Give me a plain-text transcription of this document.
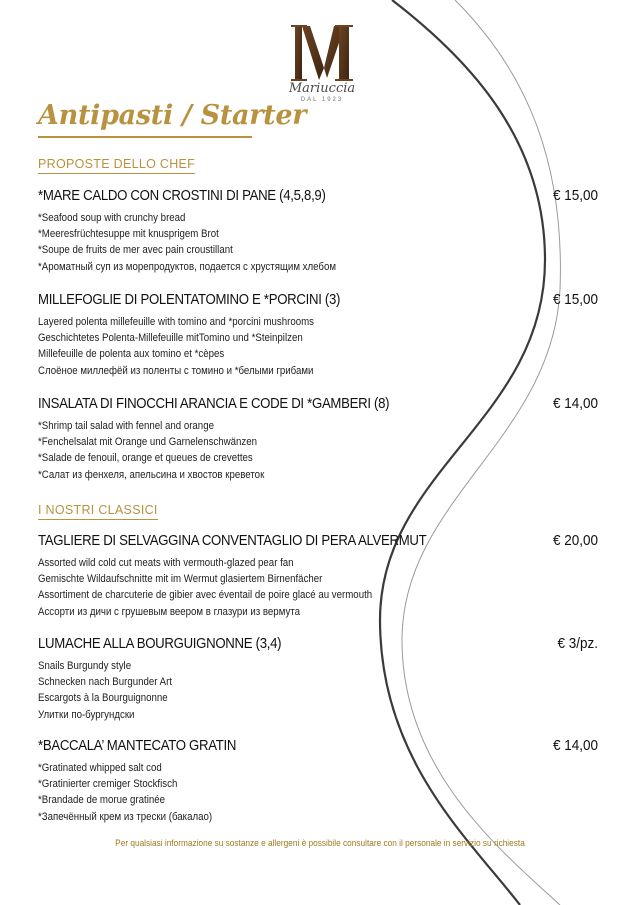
Mariuccia
DAL 1923
Antipasti / Starter
PROPOSTE DELLO CHEF
I NOSTRI CLASSICI
*MARE CALDO CON CROSTINI DI PANE (4,5,8,9)	€ 15,00
*Seafood soup with crunchy bread
*Meeresfrüchtesuppe mit knusprigem Brot
*Soupe de fruits de mer avec pain croustillant
*Ароматный суп из морепродуктов, подается с хрустящим хлебом
MILLEFOGLIE DI POLENTATOMINO E *PORCINI (3)	€ 15,00
Layered polenta millefeuille with tomino and *porcini mushrooms
Geschichtetes Polenta-Millefeuille mitTomino und *Steinpilzen
Millefeuille de polenta aux tomino et *cèpes
Слоёное миллефёй из поленты с томино и *белыми грибами
INSALATA DI FINOCCHI ARANCIA E CODE DI *GAMBERI (8)	€ 14,00
*Shrimp tail salad with fennel and orange
*Fenchelsalat mit Orange und Garnelenschwänzen
*Salade de fenouil, orange et queues de crevettes
*Салат из фенхеля, апельсина и хвостов креветок
TAGLIERE DI SELVAGGINA CONVENTAGLIO DI PERA ALVERMUT	€ 20,00
Assorted wild cold cut meats with vermouth-glazed pear fan
Gemischte Wildaufschnitte mit im Wermut glasiertem Birnenfächer
Assortiment de charcuterie de gibier avec éventail de poire glacé au vermouth
Ассорти из дичи с грушевым веером в глазури из вермута
LUMACHE ALLA BOURGUIGNONNE (3,4)	€ 3/pz.
Snails Burgundy style
Schnecken nach Burgunder Art
Escargots à la Bourguignonne
Улитки по-бургундски
*BACCALA’ MANTECATO GRATIN	€ 14,00
*Gratinated whipped salt cod
*Gratinierter cremiger Stockfisch
*Brandade de morue gratinée
*Запечённый крем из трески (бакалао)
Per qualsiasi informazione su sostanze e allergeni è possibile consultare con il personale in servizio su richiesta
